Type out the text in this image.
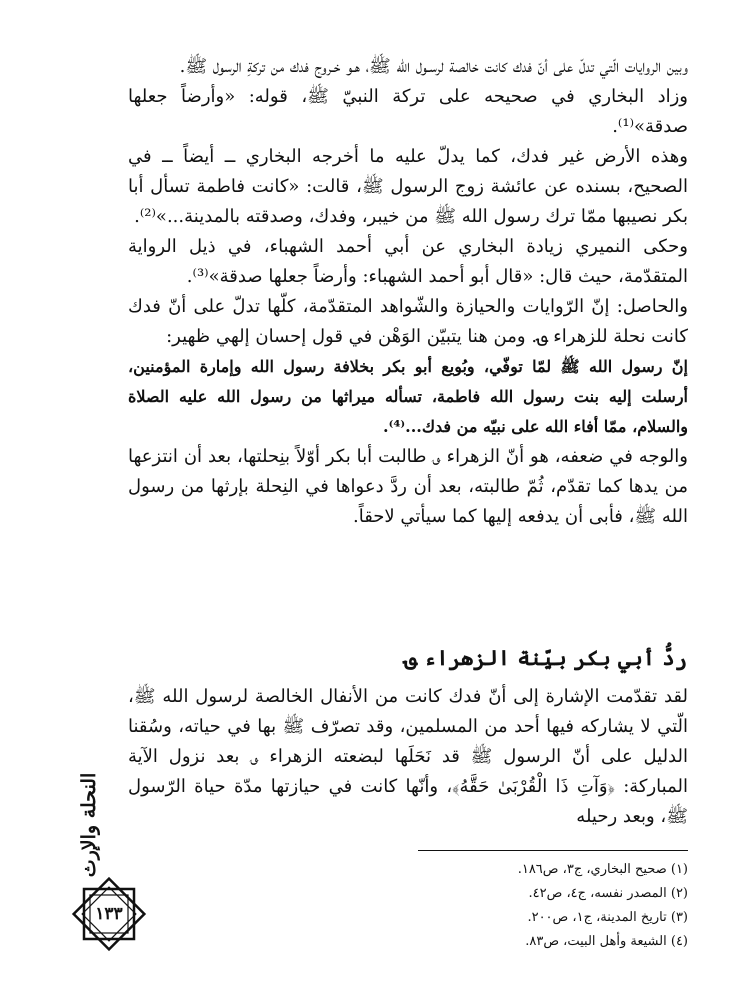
وبين الروايات الّتي تدلّ على أنّ فدك كانت خالصة لرسـول الله ﷺ، هـو خـروج فدك من تركةِ الرسول ﷺ.

وزاد البخاري في صحيحه على تركة النبيّ ﷺ، قوله: «وأرضاً جعلها صدقة»⁽¹⁾.

وهذه الأرض غير فدك، كما يدلّ عليه ما أخرجه البخاري ــ أيضاً ــ في الصحيح، بسنده عن عائشة زوج الرسول ﷺ، قالت: «كانت فاطمة تسأل أبا بكر نصيبها ممّا ترك رسول الله ﷺ من خيبر، وفدك، وصدقته بالمدينة...»⁽²⁾.

وحكى النميري زيادة البخاري عن أبي أحمد الشهباء، في ذيل الرواية المتقدّمة، حيث قال: «قال أبو أحمد الشهباء: وأرضاً جعلها صدقة»⁽³⁾.

والحاصل: إنّ الرّوايات والحيازة والشّواهد المتقدّمة، كلّها تدلّ على أنّ فدك كانت نحلة للزهراء ؈. ومن هنا يتبيّن الوَهْن في قول إحسان إلهي ظهير:

إنّ رسول الله ﷺ لمّا توفّي، وبُويع أبو بكر بخلافة رسول الله وإمارة المؤمنين، أرسلت إليه بنت رسول الله فاطمة، تسأله ميراثها من رسول الله عليه الصلاة والسلام، ممّا أفاء الله على نبيّه من فدك...⁽⁴⁾.

والوجه في ضعفه، هو أنّ الزهراء ؈ طالبت أبا بكر أوّلاً بنِحلتها، بعد أن انتزعها من يدها كما تقدّم، ثُمّ طالبته، بعد أن ردَّ دعواها في النِحلة بإرثها من رسول الله ﷺ، فأبى أن يدفعه إليها كما سيأتي لاحقاً.

ردُّ أبي بكر بيِّنة الزهراء ؈

لقد تقدّمت الإشارة إلى أنّ فدك كانت من الأنفال الخالصة لرسول الله ﷺ، الّتي لا يشاركه فيها أحد من المسلمين، وقد تصرّف ﷺ بها في حياته، وسُقنا الدليل على أنّ الرسول ﷺ قد نَحَلَها لبضعته الزهراء ؈ بعد نزول الآية المباركة: ﴿وَآتِ ذَا الْقُرْبَىٰ حَقَّهُ﴾، وأنّها كانت في حيازتها مدّة حياة الرّسول ﷺ، وبعد رحيله

(١) صحيح البخاري، ج٣، ص١٨٦.

(٢) المصدر نفسه، ج٤، ص٤٢.

(٣) تاريخ المدينة، ج١، ص٢٠٠.

(٤) الشيعة وأهل البيت، ص٨٣.

النحلة والإرث
١٣٣
